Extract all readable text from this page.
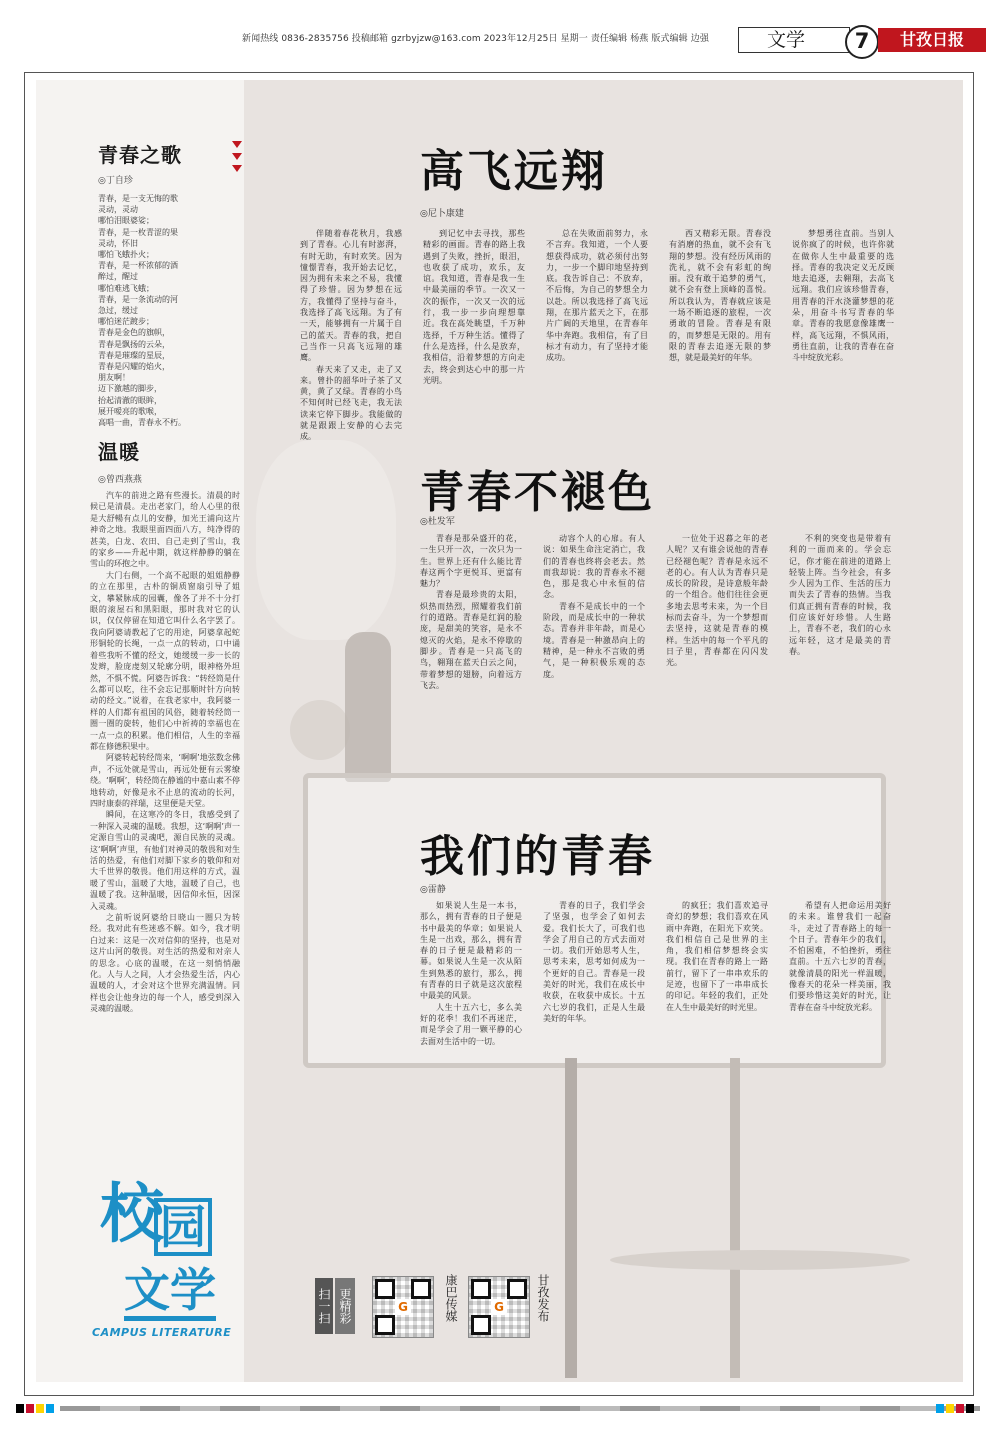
新闻热线 0836-2835756 投稿邮箱 gzrbyjzw@163.com 2023年12月25日 星期一 责任编辑 杨燕 版式编辑 边强	文学	7	甘孜日报
青春之歌
◎丁自珍
青春，是一支无悔的歌
灵动，灵动
哪怕泪眼婆娑；
青春，是一枚青涩的果
灵动，怀旧
哪怕飞蛾扑火；
青春，是一杯浓郁的酒
醉过，醒过
哪怕难逃飞蛾；
青春，是一条流动的河
急过，缓过
哪怕迷茫踱步；
青春是金色的旗帜，
青春是飘扬的云朵，
青春是璀璨的星辰，
青春是闪耀的焰火，
朋友啊！
迈下激越的脚步，
抬起清澈的眼眸，
展开嗳亮的歌喉，
高唱一曲，青春永不朽。
温暖
◎曾西燕燕

汽车的前进之路有些漫长。清晨的时候已是清晨。走出老家门，给人心里的很是大舒暢有点儿的安静，加光王浦向这片神奇之地。我眼里面四面八方，纯净得的甚美，白龙、农田、自己走到了雪山，我的家乡——升起中期，就这样静静的躺在雪山的环抱之中。

大门右侧，一个高不起眼的姐姐静静的立在那里，古朴的铜质窗扇引导了姐文，攀紧脉成的园囊，像各了并不十分打眼的滚屋石和黑阳眼，那时我对它的认识，仅仅停留在知道它叫什么名字罢了。我向阿婆请教起了它的用途，阿婆拿起蛇形铜轮的长绳，一点一点的转动，口中诵着些我听不懂的经文，她缓缓一步一长的发辫，脸庞虔刻又轮廓分明，眼神格外坦然，不惧不慌。阿婆告诉我：“转经筒是什么都可以吃，往不会忘记那顺时针方向转动的经文。”说着，在我老家中，我阿婆一样的人们都有祖国的风俗，随着转经筒一圈一圈的旋转，他们心中祈祷的幸福也在一点一点的积累。他们相信，人生的幸福都在修德积果中。

阿婆转起转经筒来，‘啊啊’地弦数念佛声，不远处就是雪山，再远处便有云雾缭绕。‘啊啊’，转经筒在静谧的中嘉山素不停地转动，好像是永不止息的流动的长河，四时康泰的祥瑞，这里便是天堂。

瞬间，在这寒冷的冬日，我感受到了一种深入灵魂的温暖。我想，这‘啊啊’声一定源自雪山的灵魂吧，源自民族的灵魂。这‘啊啊’声里，有他们对神灵的敬畏和对生活的热爱，有他们对脚下家乡的敬仰和对大千世界的敬畏。他们用这样的方式，温暖了雪山，温暖了大地，温暖了自己，也温暖了我。这种温暖，因信仰永恒，因深入灵魂。

之前听说阿婆给日晓山一圈只为转经。我对此有些迷惑不解。如今，我才明白过来：这是一次对信仰的坚持，也是对这片山河的敬畏。对生活的热爱和对亲人的思念。心底的温暖，在这一刻悄悄融化。人与人之间，人才会热爱生活，内心温暖的人，才会对这个世界充满温情。同样也会让他身边的每一个人，感受到深入灵魂的温暖。

校
园
文学
CAMPUS LITERATURE
高飞远翔
◎尼卜康建

伴随着春花秋月，我感到了青春。心儿有时澎湃，有时无助，有时欢笑。因为憧憬青春，我开始去记忆，因为拥有未来之不易，我懂得了珍惜。因为梦想在远方，我懂得了坚持与奋斗，我选择了高飞远翔。为了有一天，能够拥有一片属于自己的蓝天。青春的我，把自己当作一只高飞远翔的雄鹰。

春天来了又走，走了又来。曾扑的韶华叶子茶了又黄，黄了又绿。青春的小鸟不知何时已经飞走，我无法读来它停下脚步。我能做的就是跟跟上安静的心去完成。

到记忆中去寻找，那些精彩的画面。青春的路上我遇到了失败，挫折，眼泪，也收获了成功，欢乐，友谊。我知道，青春是我一生中最美丽的季节。一次又一次的振作，一次又一次的远行，我一步一步向理想靠近。我在高处眺望，千万种选择，千万种生活。懂得了什么是选择，什么是放弃，我相信，沿着梦想的方向走去，终会到达心中的那一片光明。

总在失败面前努力，永不言弃。我知道，一个人要想获得成功，就必须付出努力，一步一个脚印地坚持到底。我告诉自己：不放弃，不后悔，为自己的梦想全力以赴。所以我选择了高飞远翔，在那片蓝天之下，在那片广阔的天地里，在青春年华中奔跑。我相信，有了目标才有动力，有了坚持才能成功。

西又精彩无限。青春没有消磨的热血，就不会有飞翔的梦想。没有经历风雨的洗礼，就不会有彩虹的绚丽。没有敢于追梦的勇气，就不会有登上顶峰的喜悦。所以我认为，青春就应该是一场不断追逐的旅程，一次勇敢的冒险。青春是有限的，而梦想是无限的。用有限的青春去追逐无限的梦想，就是最美好的年华。

梦想勇往直前。当别人说你疯了的时候，也许你就在做你人生中最重要的选择。青春的我决定义无反顾地去追逐，去翱翔，去高飞远翔。我们应该珍惜青春，用青春的汗水浇灌梦想的花朵，用奋斗书写青春的华章。青春的我愿意像雄鹰一样，高飞远翔，不惧风雨，勇往直前，让我的青春在奋斗中绽放光彩。

青春不褪色
◎杜发军

青春是那朵盛开的花，一生只开一次，一次只为一生。世界上还有什么能比青春这两个字更悦耳、更富有魅力？

青春是最珍贵的太阳，炽热而热烈，照耀着我们前行的道路。青春是红润的脸庞，是甜美的笑容，是永不熄灭的火焰，是永不停歇的脚步。青春是一只高飞的鸟，翱翔在蓝天白云之间，带着梦想的翅膀，向着远方飞去。

动容个人的心扉。有人说：如果生命注定消亡，我们的青春也终将会老去。然而我却说：我的青春永不褪色，那是我心中永恒的信念。

青春不是成长中的一个阶段，而是成长中的一种状态。青春并非年龄，而是心境。青春是一种激昂向上的精神，是一种永不言败的勇气，是一种积极乐观的态度。

一位处于迟暮之年的老人呢？又有谁会说他的青春已经褪色呢？青春是永远不老的心。有人认为青春只是成长的阶段，是诗意般年龄的一个组合。他们往往会更多地去思考未来，为一个目标而去奋斗，为一个梦想而去坚持，这就是青春的模样。生活中的每一个平凡的日子里，青春都在闪闪发光。

不利的突变也是带着有利的一面而来的。学会忘记，你才能在前进的道路上轻装上阵。当今社会，有多少人因为工作、生活的压力而失去了青春的热情。当我们真正拥有青春的时候，我们应该好好珍惜。人生路上，青春不老，我们的心永远年轻，这才是最美的青春。

我们的青春
◎雷静

如果说人生是一本书，那么，拥有青春的日子便是书中最美的华章；如果说人生是一出戏，那么，拥有青春的日子便是最精彩的一幕。如果说人生是一次从陌生到熟悉的旅行，那么，拥有青春的日子就是这次旅程中最美的风景。

人生十五六七，多么美好的花季！我们不再迷茫，而是学会了用一颗平静的心去面对生活中的一切。

青春的日子，我们学会了坚强，也学会了如何去爱。我们长大了，可我们也学会了用自己的方式去面对一切。我们开始思考人生，思考未来，思考如何成为一个更好的自己。青春是一段美好的时光，我们在成长中收获，在收获中成长。十五六七岁的我们，正是人生最美好的年华。

的疯狂；我们喜欢追寻奇幻的梦想；我们喜欢在风雨中奔跑，在阳光下欢笑。我们相信自己是世界的主角，我们相信梦想终会实现。我们在青春的路上一路前行，留下了一串串欢乐的足迹，也留下了一串串成长的印记。年轻的我们，正处在人生中最美好的时光里。

希望有人把命运用美好的未来。谁曾我们一起奋斗，走过了青春路上的每一个日子。青春年少的我们，不怕困难，不怕挫折，勇往直前。十五六七岁的青春，就像清晨的阳光一样温暖，像春天的花朵一样美丽，我们要珍惜这美好的时光，让青春在奋斗中绽放光彩。

扫一扫 更精彩	G	康巴传媒	G	甘孜发布
